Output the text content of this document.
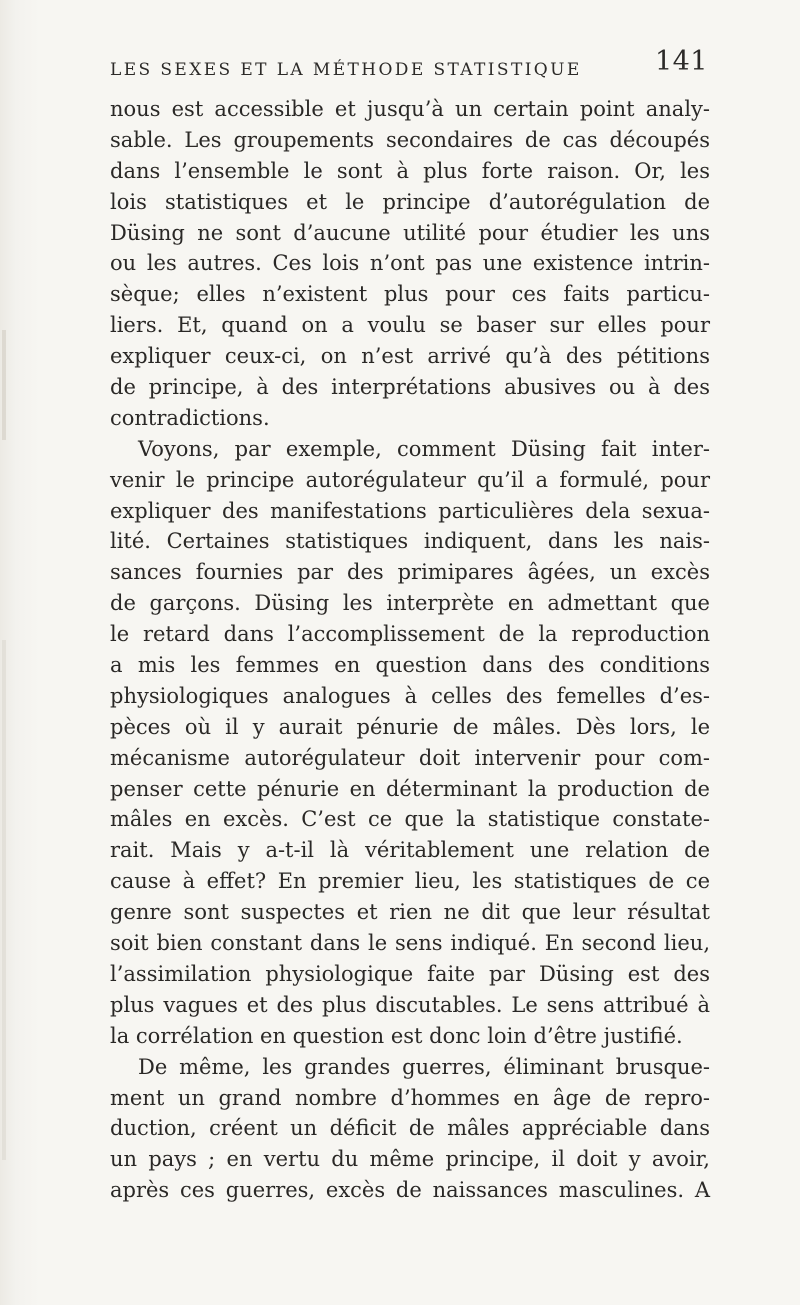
LES SEXES ET LA MÉTHODE STATISTIQUE	141
nous est accessible et jusqu’à un certain point analy-
sable. Les groupements secondaires de cas découpés
dans l’ensemble le sont à plus forte raison. Or, les
lois statistiques et le principe d’autorégulation de
Düsing ne sont d’aucune utilité pour étudier les uns
ou les autres. Ces lois n’ont pas une existence intrin-
sèque; elles n’existent plus pour ces faits particu-
liers. Et, quand on a voulu se baser sur elles pour
expliquer ceux-ci, on n’est arrivé qu’à des pétitions
de principe, à des interprétations abusives ou à des
contradictions.
Voyons, par exemple, comment Düsing fait inter-
venir le principe autorégulateur qu’il a formulé, pour
expliquer des manifestations particulières dela sexua-
lité. Certaines statistiques indiquent, dans les nais-
sances fournies par des primipares âgées, un excès
de garçons. Düsing les interprète en admettant que
le retard dans l’accomplissement de la reproduction
a mis les femmes en question dans des conditions
physiologiques analogues à celles des femelles d’es-
pèces où il y aurait pénurie de mâles. Dès lors, le
mécanisme autorégulateur doit intervenir pour com-
penser cette pénurie en déterminant la production de
mâles en excès. C’est ce que la statistique constate-
rait. Mais y a-t-il là véritablement une relation de
cause à effet? En premier lieu, les statistiques de ce
genre sont suspectes et rien ne dit que leur résultat
soit bien constant dans le sens indiqué. En second lieu,
l’assimilation physiologique faite par Düsing est des
plus vagues et des plus discutables. Le sens attribué à
la corrélation en question est donc loin d’être justifié.
De même, les grandes guerres, éliminant brusque-
ment un grand nombre d’hommes en âge de repro-
duction, créent un déficit de mâles appréciable dans
un pays ; en vertu du même principe, il doit y avoir,
après ces guerres, excès de naissances masculines. A
